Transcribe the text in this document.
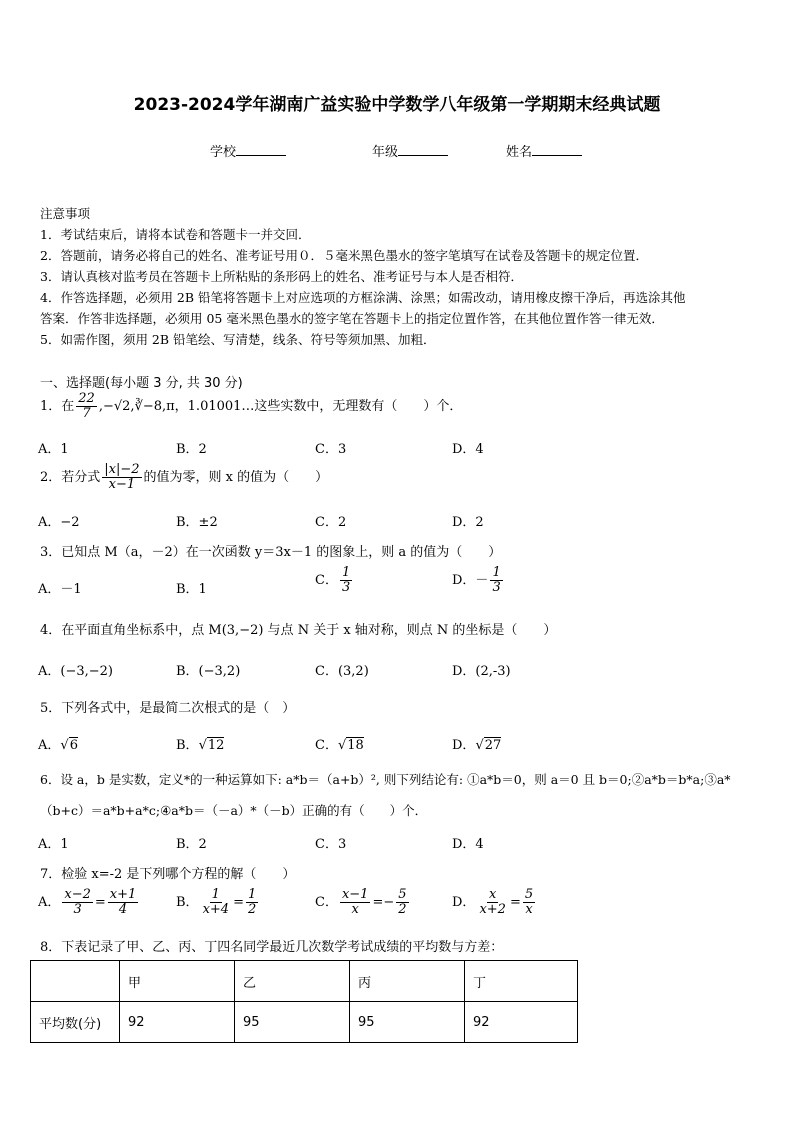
2023-2024学年湖南广益实验中学数学八年级第一学期期末经典试题
学校	年级	姓名
注意事项
1．考试结束后，请将本试卷和答题卡一并交回．
2．答题前，请务必将自己的姓名、准考证号用０．５毫米黑色墨水的签字笔填写在试卷及答题卡的规定位置．
3．请认真核对监考员在答题卡上所粘贴的条形码上的姓名、准考证号与本人是否相符．
4．作答选择题，必须用 2B 铅笔将答题卡上对应选项的方框涂满、涂黑；如需改动，请用橡皮擦干净后，再选涂其他
答案．作答非选择题，必须用 05 毫米黑色墨水的签字笔在答题卡上的指定位置作答，在其他位置作答一律无效．
5．如需作图，须用 2B 铅笔绘、写清楚，线条、符号等须加黑、加粗．
一、选择题(每小题 3 分, 共 30 分)
1．在 $\frac{22}{7}$ ,−√2,∛−8,π，1.01001…这些实数中，无理数有（　　）个．
A．1	B．2	C．3	D．4
2．若分式 $\frac{|x|-2}{x-1}$ 的值为零，则 x 的值为（　　）
A．−2	B．±2	C．2	D．2
3．已知点 M（a，－2）在一次函数 y＝3x－1 的图象上，则 a 的值为（　　）
A．－1	B．1
C． $\frac{1}{3}$	D．－ $\frac{1}{3}$
4．在平面直角坐标系中，点 M(3,−2) 与点 N 关于 x 轴对称，则点 N 的坐标是（　　）
A．(−3,−2)	B．(−3,2)	C．(3,2)	D．(2,-3)
5．下列各式中，是最简二次根式的是（　）
A．√6	B．√12	C．√18	D．√27
6．设 a，b 是实数，定义*的一种运算如下: a*b＝（a+b）², 则下列结论有: ①a*b＝0，则 a＝0 且 b＝0;②a*b＝b*a;③a*
（b+c）＝a*b+a*c;④a*b＝（－a）*（－b）正确的有（　　）个．
A．1	B．2	C．3	D．4
7．检验 x=-2 是下列哪个方程的解（　　）
A． $\frac{x-2}{3} = \frac{x+1}{4}$	B． $\frac{1}{x+4} = \frac{1}{2}$	C． $\frac{x-1}{x} =- \frac{5}{2}$	D． $\frac{x}{x+2} = \frac{5}{x}$
8．下表记录了甲、乙、丙、丁四名同学最近几次数学考试成绩的平均数与方差：
	甲	乙	丙	丁
平均数(分)	92	95	95	92
